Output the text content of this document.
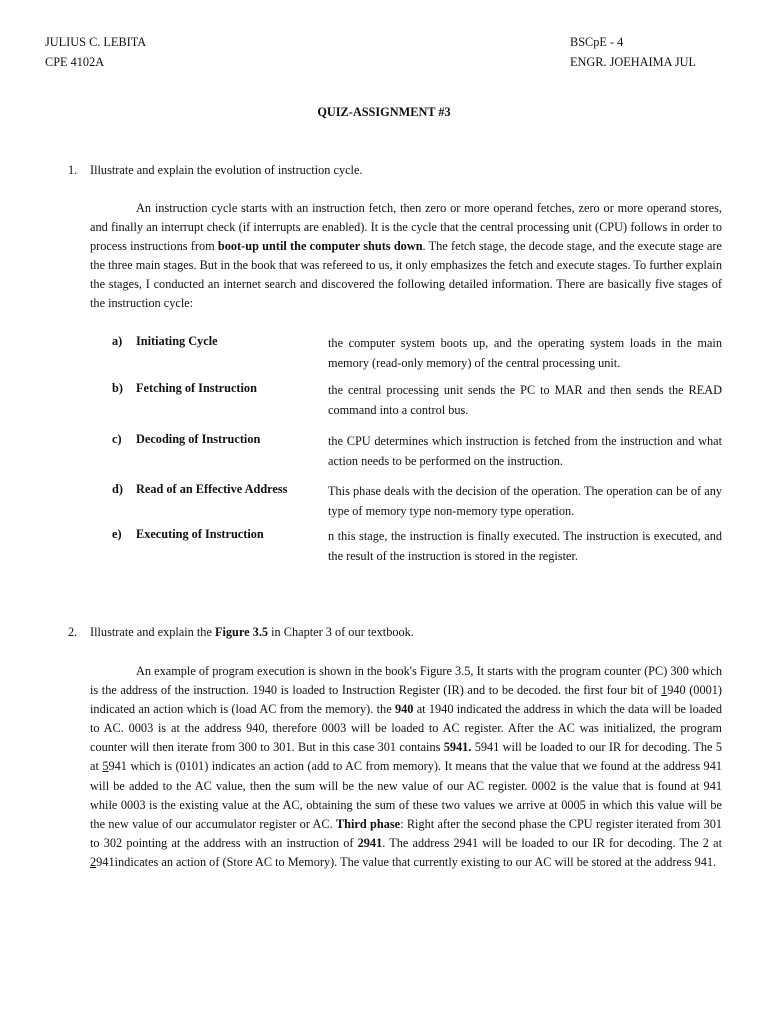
JULIUS C. LEBITA
CPE 4102A
BSCpE - 4
ENGR. JOEHAIMA JUL
QUIZ-ASSIGNMENT #3
1. Illustrate and explain the evolution of instruction cycle.
An instruction cycle starts with an instruction fetch, then zero or more operand fetches, zero or more operand stores, and finally an interrupt check (if interrupts are enabled). It is the cycle that the central processing unit (CPU) follows in order to process instructions from boot-up until the computer shuts down. The fetch stage, the decode stage, and the execute stage are the three main stages. But in the book that was refereed to us, it only emphasizes the fetch and execute stages. To further explain the stages, I conducted an internet search and discovered the following detailed information. There are basically five stages of the instruction cycle:
a) Initiating Cycle	the computer system boots up, and the operating system loads in the main memory (read-only memory) of the central processing unit.
b) Fetching of Instruction	the central processing unit sends the PC to MAR and then sends the READ command into a control bus.
c) Decoding of Instruction	the CPU determines which instruction is fetched from the instruction and what action needs to be performed on the instruction.
d) Read of an Effective Address	This phase deals with the decision of the operation. The operation can be of any type of memory type non-memory type operation.
e) Executing of Instruction	n this stage, the instruction is finally executed. The instruction is executed, and the result of the instruction is stored in the register.
2. Illustrate and explain the Figure 3.5 in Chapter 3 of our textbook.
An example of program execution is shown in the book's Figure 3.5, It starts with the program counter (PC) 300 which is the address of the instruction. 1940 is loaded to Instruction Register (IR) and to be decoded. the first four bit of 1940 (0001) indicated an action which is (load AC from the memory). the 940 at 1940 indicated the address in which the data will be loaded to AC. 0003 is at the address 940, therefore 0003 will be loaded to AC register. After the AC was initialized, the program counter will then iterate from 300 to 301. But in this case 301 contains 5941. 5941 will be loaded to our IR for decoding. The 5 at 5941 which is (0101) indicates an action (add to AC from memory). It means that the value that we found at the address 941 will be added to the AC value, then the sum will be the new value of our AC register. 0002 is the value that is found at 941 while 0003 is the existing value at the AC, obtaining the sum of these two values we arrive at 0005 in which this value will be the new value of our accumulator register or AC. Third phase: Right after the second phase the CPU register iterated from 301 to 302 pointing at the address with an instruction of 2941. The address 2941 will be loaded to our IR for decoding. The 2 at 2941indicates an action of (Store AC to Memory). The value that currently existing to our AC will be stored at the address 941.
